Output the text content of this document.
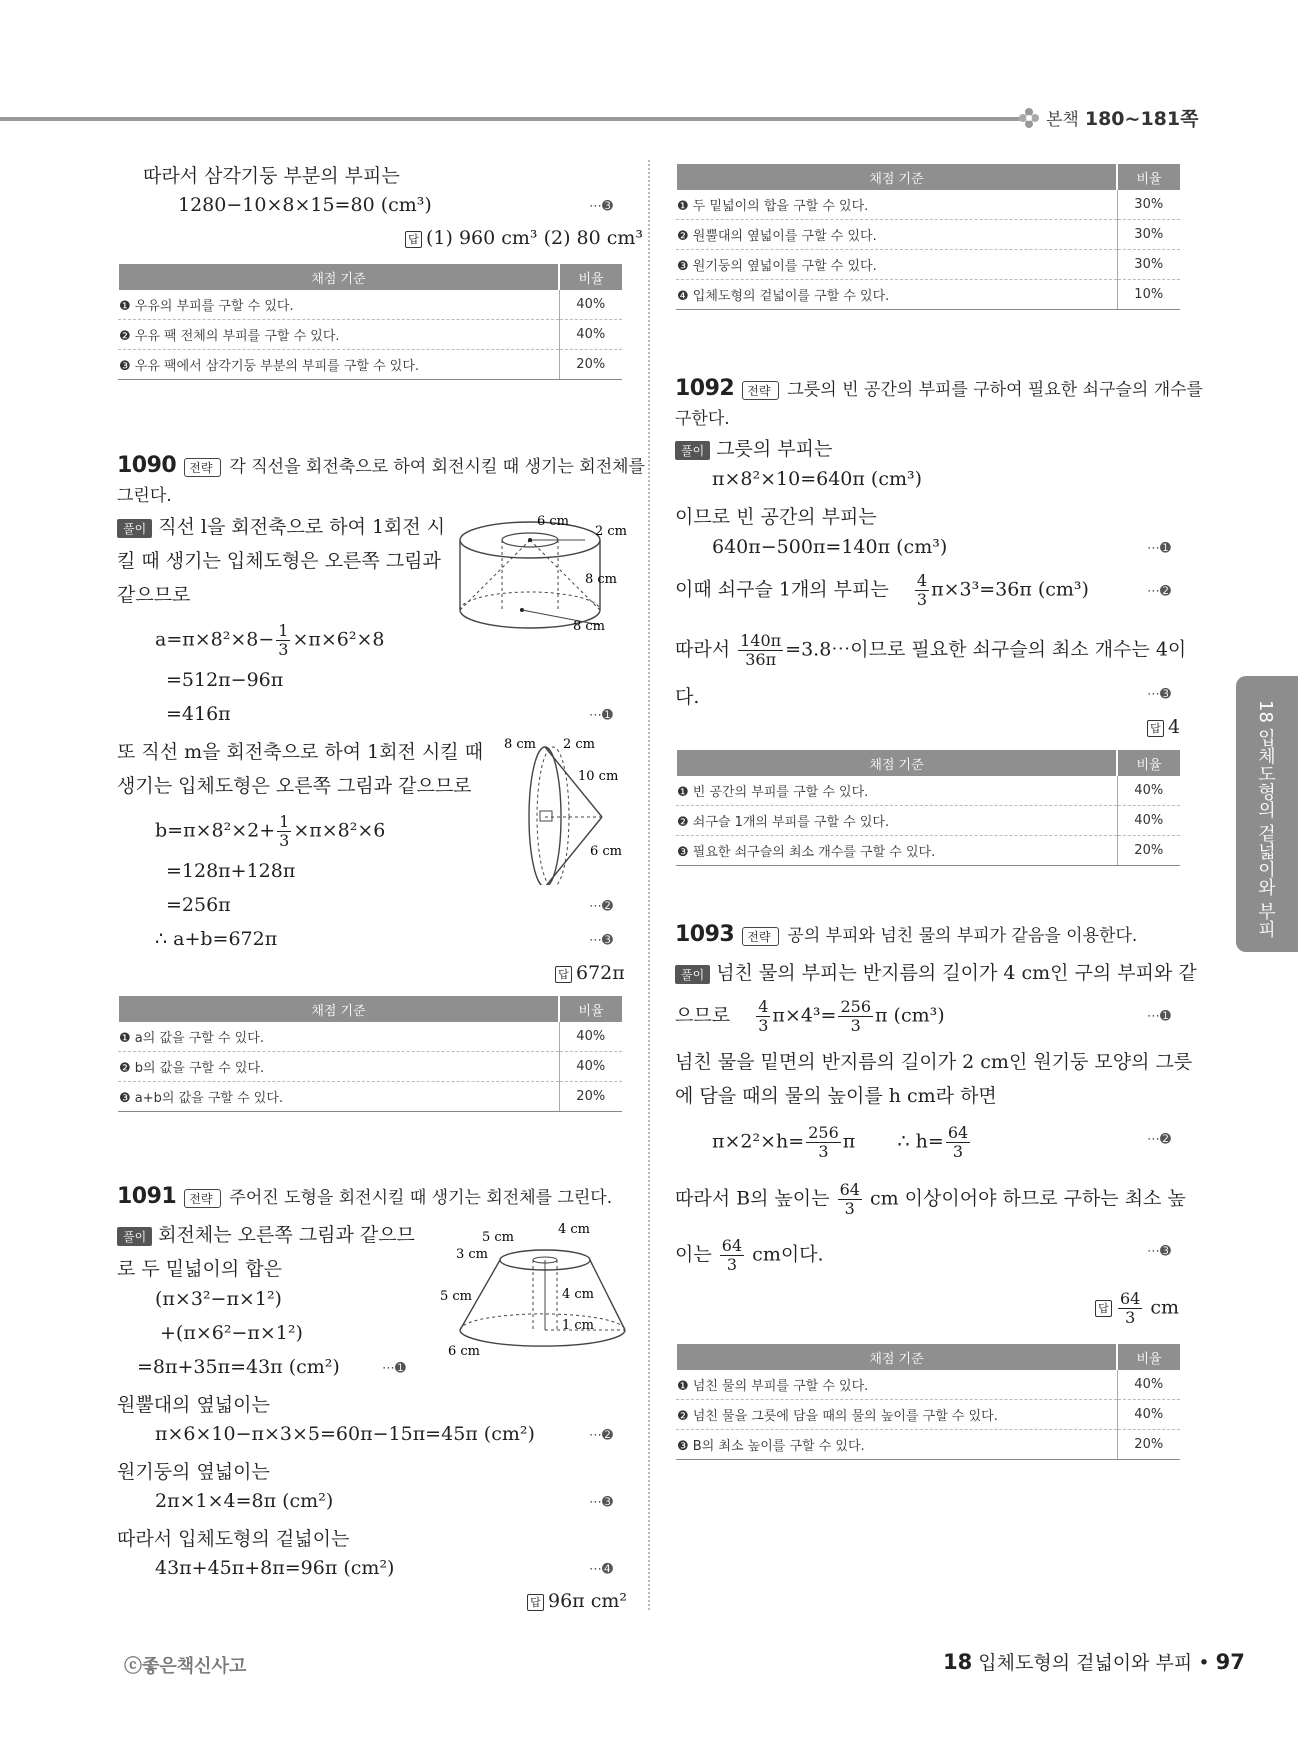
본책 180~181쪽
따라서 삼각기둥 부분의 부피는
1280−10×8×15=80 (cm³)	⋯➌
답 (1) 960 cm³ (2) 80 cm³
채점 기준	비율
❶ 우유의 부피를 구할 수 있다.	40%
❷ 우유 팩 전체의 부피를 구할 수 있다.	40%
❸ 우유 팩에서 삼각기둥 부분의 부피를 구할 수 있다.	20%
1090 전략 각 직선을 회전축으로 하여 회전시킬 때 생기는 회전체를
그린다.
풀이 직선 l을 회전축으로 하여 1회전 시
킬 때 생기는 입체도형은 오른쪽 그림과
같으므로
$a=\pi\times 8^2\times 8- \frac{1}{3} \times\pi\times 6^2\times 8$
=512π−96π
=416π	⋯➊
또 직선 m을 회전축으로 하여 1회전 시킬 때
생기는 입체도형은 오른쪽 그림과 같으므로
$b=\pi\times 8^2\times 2+ \frac{1}{3} \times\pi\times 8^2\times 6$
=128π+128π
=256π	⋯➋
∴ a+b=672π	⋯➌
답 672π
6 cm
2 cm
8 cm
8 cm
8 cm 2 cm
10 cm
6 cm
채점 기준	비율
❶ a의 값을 구할 수 있다.	40%
❷ b의 값을 구할 수 있다.	40%
❸ a+b의 값을 구할 수 있다.	20%
1091 전략 주어진 도형을 회전시킬 때 생기는 회전체를 그린다.
풀이 회전체는 오른쪽 그림과 같으므
로 두 밑넓이의 합은
(π×3²−π×1²)
+(π×6²−π×1²)
=8π+35π=43π (cm²)	⋯➊
원뿔대의 옆넓이는
π×6×10−π×3×5=60π−15π=45π (cm²)	⋯➋
원기둥의 옆넓이는
2π×1×4=8π (cm²)	⋯➌
따라서 입체도형의 겉넓이는
43π+45π+8π=96π (cm²)	⋯➍
답 96π cm²
5 cm
4 cm
3 cm
5 cm	4 cm
1 cm
6 cm
채점 기준	비율
❶ 두 밑넓이의 합을 구할 수 있다.	30%
❷ 원뿔대의 옆넓이를 구할 수 있다.	30%
❸ 원기둥의 옆넓이를 구할 수 있다.	30%
❹ 입체도형의 겉넓이를 구할 수 있다.	10%
1092 전략 그릇의 빈 공간의 부피를 구하여 필요한 쇠구슬의 개수를
구한다.
풀이 그릇의 부피는
π×8²×10=640π (cm³)
이므로 빈 공간의 부피는
640π−500π=140π (cm³)	⋯➊
이때 쇠구슬 1개의 부피는 $\frac{4}{3} \pi\times 3^3=36\pi$ (cm³)	⋯➋
따라서 $\frac{140\pi}{36\pi}$ =3.8⋯이므로 필요한 쇠구슬의 최소 개수는 4이
다.	⋯➌
답 4
채점 기준	비율
❶ 빈 공간의 부피를 구할 수 있다.	40%
❷ 쇠구슬 1개의 부피를 구할 수 있다.	40%
❸ 필요한 쇠구슬의 최소 개수를 구할 수 있다.	20%
1093 전략 공의 부피와 넘친 물의 부피가 같음을 이용한다.
풀이 넘친 물의 부피는 반지름의 길이가 4 cm인 구의 부피와 같
으므로 $\frac{4}{3} \pi\times 4^3= \frac{256}{3}$ π (cm³)	⋯➊
넘친 물을 밑면의 반지름의 길이가 2 cm인 원기둥 모양의 그릇
에 담을 때의 물의 높이를 h cm라 하면
$\pi\times 2^2\times h= \frac{256}{3}$ π ∴ $h= \frac{64}{3}$	⋯➋
따라서 B의 높이는 $\frac{64}{3}$ cm 이상이어야 하므로 구하는 최소 높
이는 $\frac{64}{3}$ cm이다.	⋯➌
답 $\frac{64}{3}$ cm
채점 기준	비율
❶ 넘친 물의 부피를 구할 수 있다.	40%
❷ 넘친 물을 그릇에 담을 때의 물의 높이를 구할 수 있다.	40%
❸ B의 최소 높이를 구할 수 있다.	20%
18 입체도형의 겉넓이와 부피
ⓒ좋은책신사고	18 입체도형의 겉넓이와 부피 • 97
